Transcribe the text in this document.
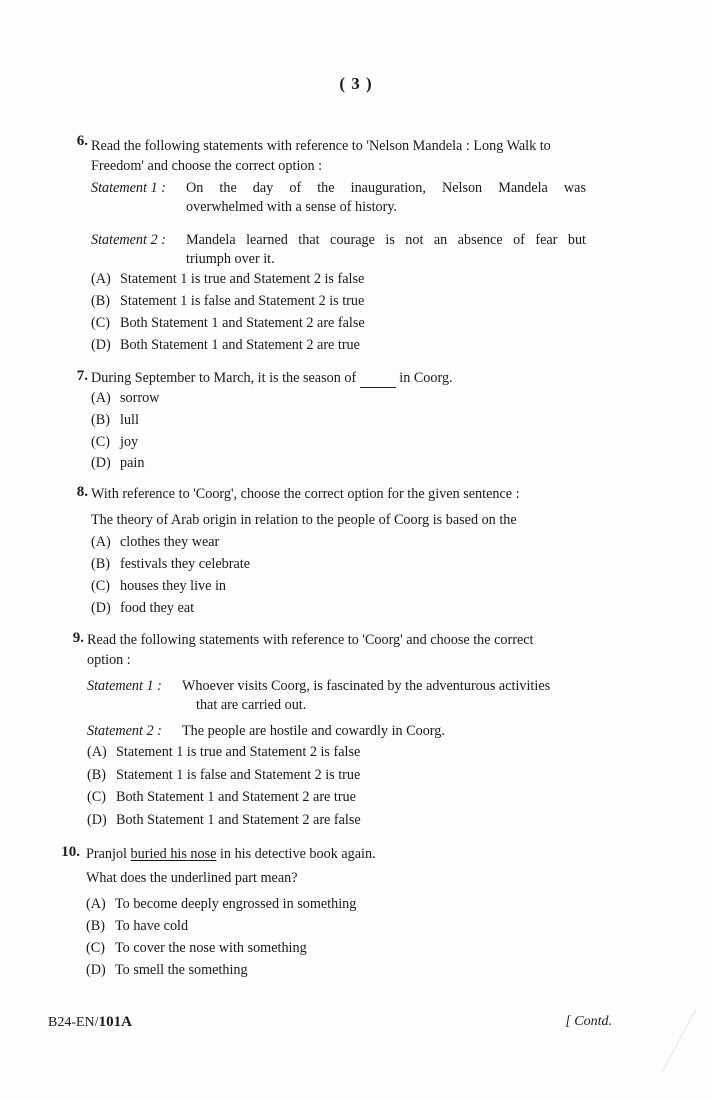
( 3 )
6. Read the following statements with reference to 'Nelson Mandela : Long Walk to
Freedom' and choose the correct option :
Statement 1 : On the day of the inauguration, Nelson Mandela was
overwhelmed with a sense of history.
Statement 2 : Mandela learned that courage is not an absence of fear but
triumph over it.
(A) Statement 1 is true and Statement 2 is false
(B) Statement 1 is false and Statement 2 is true
(C) Both Statement 1 and Statement 2 are false
(D) Both Statement 1 and Statement 2 are true
7. During September to March, it is the season of	in Coorg.
(A) sorrow
(B) lull
(C) joy
(D) pain
8. With reference to 'Coorg', choose the correct option for the given sentence :
The theory of Arab origin in relation to the people of Coorg is based on the
(A) clothes they wear
(B) festivals they celebrate
(C) houses they live in
(D) food they eat
9. Read the following statements with reference to 'Coorg' and choose the correct
option :
Statement 1 : Whoever visits Coorg, is fascinated by the adventurous activities
that are carried out.
Statement 2 : The people are hostile and cowardly in Coorg.
(A) Statement 1 is true and Statement 2 is false
(B) Statement 1 is false and Statement 2 is true
(C) Both Statement 1 and Statement 2 are true
(D) Both Statement 1 and Statement 2 are false
10. Pranjol buried his nose in his detective book again.
What does the underlined part mean?
(A) To become deeply engrossed in something
(B) To have cold
(C) To cover the nose with something
(D) To smell the something
B24-EN/101A	[ Contd.
